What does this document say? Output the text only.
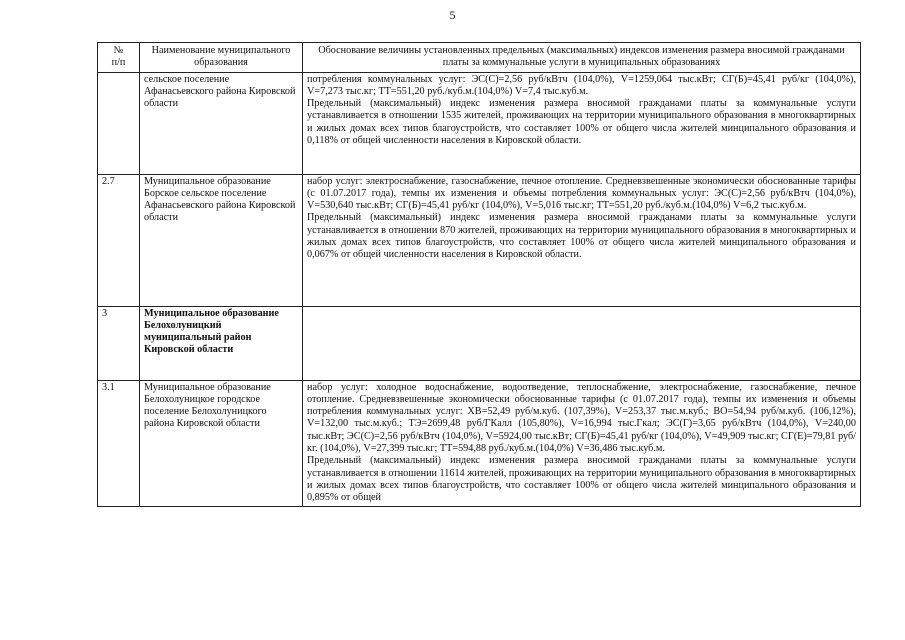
5
№
п/п	Наименование муниципального образования	Обоснование величины установленных предельных (максимальных) индексов изменения размера вносимой гражданами платы за коммунальные услуги в муниципальных образованиях
	сельское поселение Афанасьевского района Кировской области	потребления коммунальных услуг: ЭС(С)=2,56 руб/кВтч (104,0%), V=1259,064 тыс.кВт; СГ(Б)=45,41 руб/кг (104,0%), V=7,273 тыс.кг; ТТ=551,20 руб./куб.м.(104,0%) V=7,4 тыс.куб.м.

Предельный (максимальный) индекс изменения размера вносимой гражданами платы за коммунальные услуги устанавливается в отношении 1535 жителей, проживающих на территории муниципального образования в многоквартирных и жилых домах всех типов благоустройств, что составляет 100% от общего числа жителей минципального образования и 0,118% от общей численности населения в Кировской области.

2.7	Муниципальное образование Борское сельское поселение Афанасьевского района Кировской области	набор услуг: электроснабжение, газоснабжение, печное отопление. Средневзвешенные экономически обоснованные тарифы (с 01.07.2017 года), темпы их изменения и объемы потребления коммунальных услуг: ЭС(С)=2,56 руб/кВтч (104,0%), V=530,640 тыс.кВт; СГ(Б)=45,41 руб/кг (104,0%), V=5,016 тыс.кг; ТТ=551,20 руб./куб.м.(104,0%) V=6,2 тыс.куб.м.

Предельный (максимальный) индекс изменения размера вносимой гражданами платы за коммунальные услуги устанавливается в отношении 870 жителей, проживающих на территории муниципального образования в многоквартирных и жилых домах всех типов благоустройств, что составляет 100% от общего числа жителей минципального образования и 0,067% от общей численности населения в Кировской области.

3	Муниципальное образование Белохолуницкий муниципальный район Кировской области	

3.1	Муниципальное образование Белохолуницкое городское поселение Белохолуницкого района Кировской области	набор услуг: холодное водоснабжение, водоотведение, теплоснабжение, электроснабжение, газоснабжение, печное отопление. Средневзвешенные экономически обоснованные тарифы (с 01.07.2017 года), темпы их изменения и объемы потребления коммунальных услуг: ХВ=52,49 руб/м.куб. (107,39%), V=253,37 тыс.м.куб.; ВО=54,94 руб/м.куб. (106,12%), V=132,00 тыс.м.куб.; ТЭ=2699,48 руб/ГКалл (105,80%), V=16,994 тыс.Гкал; ЭС(Г)=3,65 руб/кВтч (104,0%), V=240,00 тыс.кВт; ЭС(С)=2,56 руб/кВтч (104,0%), V=5924,00 тыс.кВт; СГ(Б)=45,41 руб/кг (104,0%), V=49,909 тыс.кг; СГ(Е)=79,81 руб/кг. (104,0%), V=27,399 тыс.кг; ТТ=594,88 руб./куб.м.(104,0%) V=36,486 тыс.куб.м.

Предельный (максимальный) индекс изменения размера вносимой гражданами платы за коммунальные услуги устанавливается в отношении 11614 жителей, проживающих на территории муниципального образования в многоквартирных и жилых домах всех типов благоустройств, что составляет 100% от общего числа жителей минципального образования и 0,895% от общей
